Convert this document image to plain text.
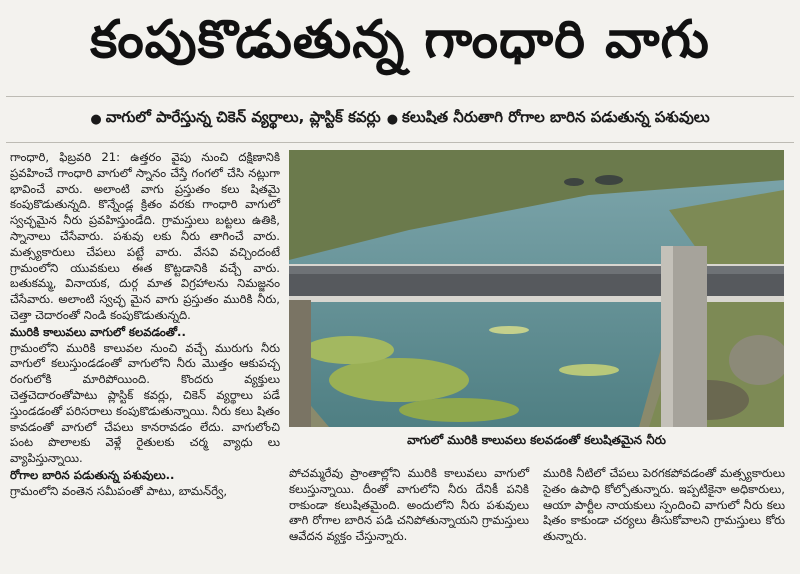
కంపుకొడుతున్న గాంధారి వాగు
● వాగులో పారేస్తున్న చికెన్ వ్యర్థాలు, ప్లాస్టిక్ కవర్లు ● కలుషిత నీరుతాగి రోగాల బారిన పడుతున్న పశువులు

గాంధారి, ఫిబ్రవరి 21: ఉత్తరం వైపు నుంచి దక్షిణానికి ప్రవహించే గాంధారి వాగులో స్నానం చేస్తే గంగలో చేసి నట్లుగా భావించే వారు. అలాంటి వాగు ప్రస్తుతం కలు షితమై కంపుకొడుతున్నది. కొన్నేండ్ల క్రితం వరకు గాంధారి వాగులో స్వచ్ఛమైన నీరు ప్రవహిస్తుండేది. గ్రామస్తులు బట్టలు ఉతికి, స్నానాలు చేసేవారు. పశువు లకు నీరు తాగించే వారు. మత్స్యకారులు చేపలు పట్టే వారు. వేసవి వచ్చిందంటే గ్రామంలోని యువకులు ఈత కొట్టడానికి వచ్చే వారు. బతుకమ్మ, వినాయక, దుర్గ మాత విగ్రహాలను నిమజ్జనం చేసేవారు. అలాంటి స్వచ్ఛ మైన వాగు ప్రస్తుతం మురికి నీరు, చెత్తా చెదారంతో నిండి కంపుకొడుతున్నది.

మురికి కాలువలు వాగులో కలవడంతో..

గ్రామంలోని మురికి కాలువల నుంచి వచ్చే మురుగు నీరు వాగులో కలుస్తుండడంతో వాగులోని నీరు మొత్తం ఆకుపచ్చ రంగులోకి మారిపోయింది. కొందరు వ్యక్తులు చెత్తచెదారంతోపాటు ప్లాస్టిక్ కవర్లు, చికెన్ వ్యర్థాలు పడే స్తుండడంతో పరిసరాలు కంపుకొడుతున్నాయి. నీరు కలు షితం కావడంతో వాగులో చేపలు కానరావడం లేదు. వాగులోంచి పంట పొలాలకు వెళ్లే రైతులకు చర్మ వ్యాధు లు వ్యాపిస్తున్నాయి.

రోగాల బారిన పడుతున్న పశువులు..

గ్రామంలోని వంతెన సమీపంతో పాటు, బామన్‌ర్వే,

వాగులో మురికి కాలువలు కలవడంతో కలుషితమైన నీరు

పోచమ్మరేవు ప్రాంతాల్లోని మురికి కాలువలు వాగులో కలుస్తున్నాయి. దీంతో వాగులోని నీరు దేనికీ పనికి రాకుండా కలుషితమైంది. అందులోని నీరు పశువులు తాగి రోగాల బారిన పడి చనిపోతున్నాయని గ్రామస్తులు ఆవేదన వ్యక్తం చేస్తున్నారు.

మురికి నీటిలో చేపలు పెరగకపోవడంతో మత్స్యకారులు సైతం ఉపాధి కోల్పోతున్నారు. ఇప్పటికైనా అధికారులు, ఆయా పార్టీల నాయకులు స్పందించి వాగులో నీరు కలు షితం కాకుండా చర్యలు తీసుకోవాలని గ్రామస్తులు కోరు తున్నారు.
